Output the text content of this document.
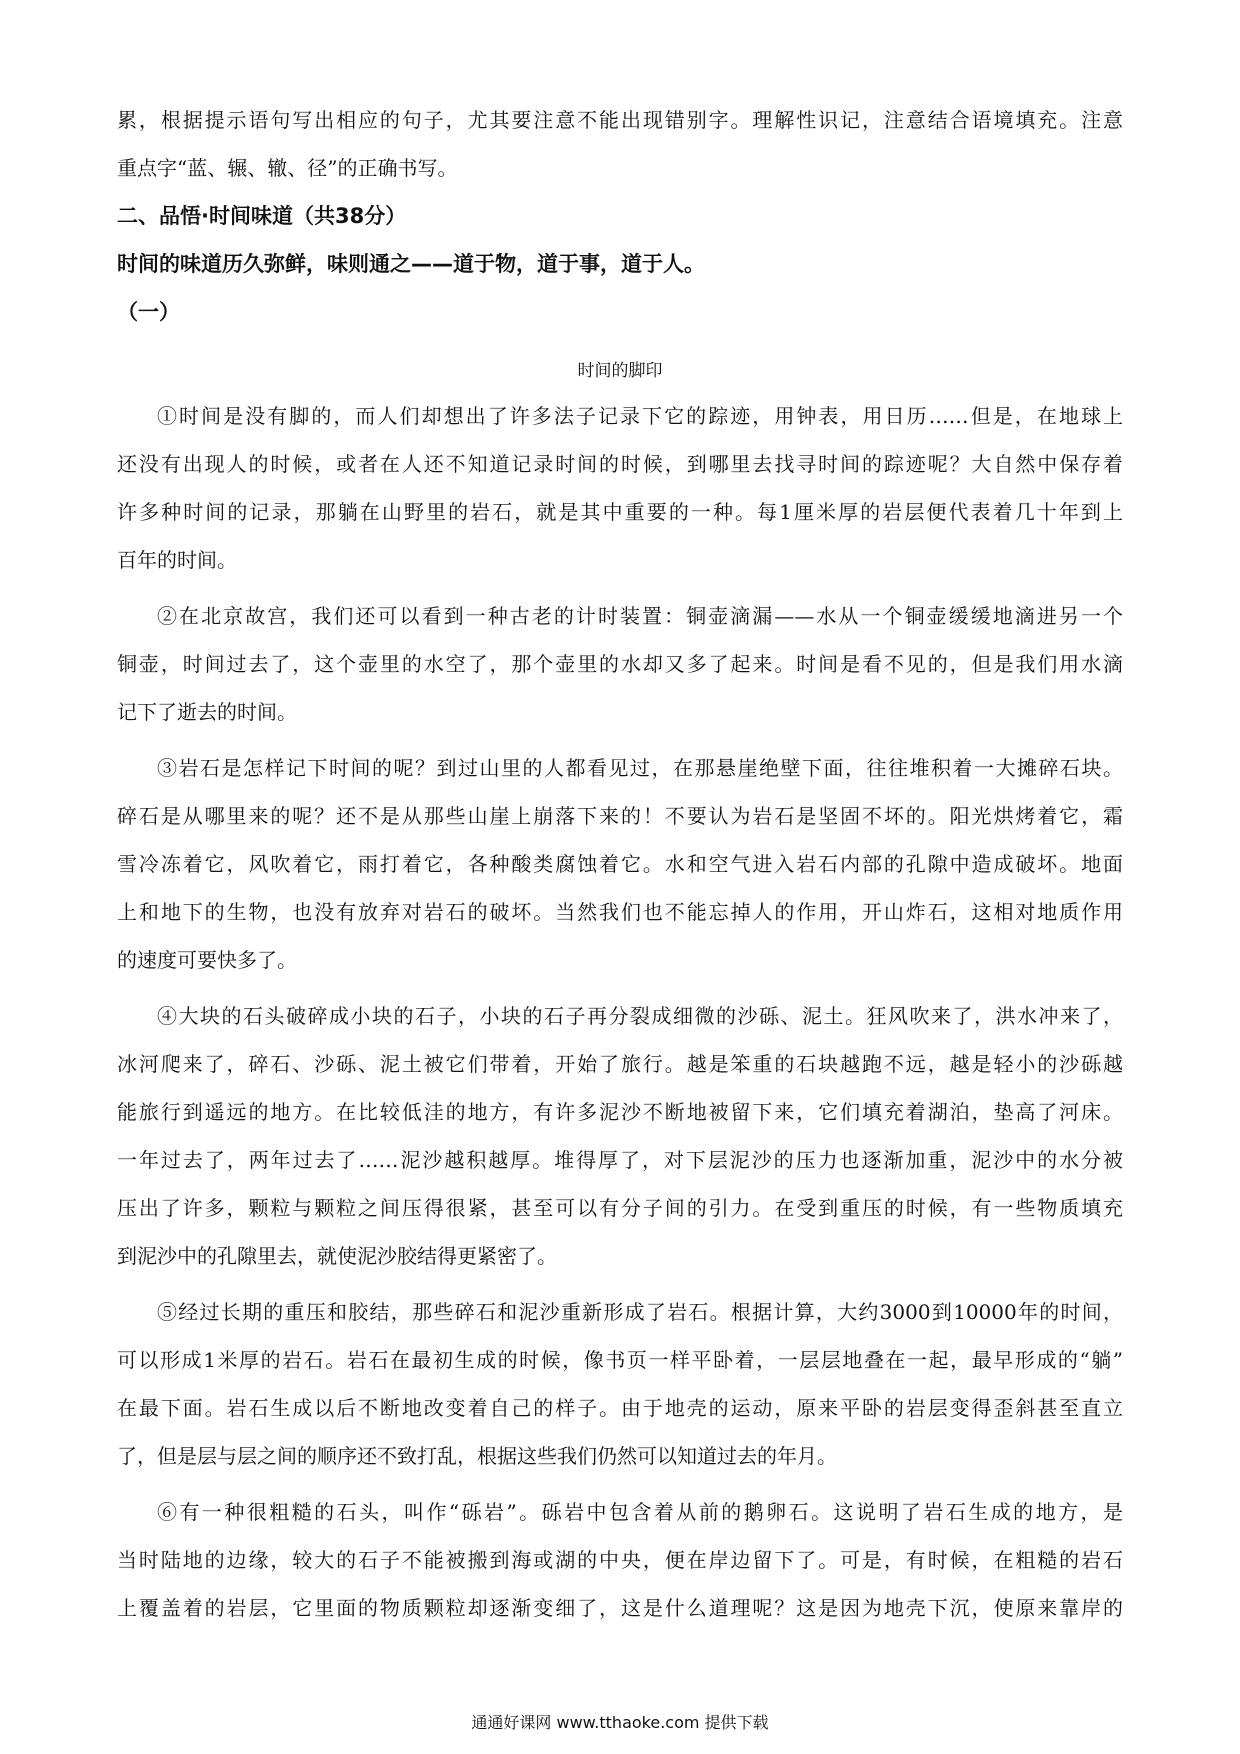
累，根据提示语句写出相应的句子，尤其要注意不能出现错别字。理解性识记，注意结合语境填充。注意
重点字“蓝、辗、辙、径”的正确书写。
二、品悟·时间味道（共38分）
时间的味道历久弥鲜，味则通之——道于物，道于事，道于人。
（一）
时间的脚印
①时间是没有脚的，而人们却想出了许多法子记录下它的踪迹，用钟表，用日历……但是，在地球上
还没有出现人的时候，或者在人还不知道记录时间的时候，到哪里去找寻时间的踪迹呢？大自然中保存着
许多种时间的记录，那躺在山野里的岩石，就是其中重要的一种。每1厘米厚的岩层便代表着几十年到上
百年的时间。
②在北京故宫，我们还可以看到一种古老的计时装置：铜壶滴漏——水从一个铜壶缓缓地滴进另一个
铜壶，时间过去了，这个壶里的水空了，那个壶里的水却又多了起来。时间是看不见的，但是我们用水滴
记下了逝去的时间。
③岩石是怎样记下时间的呢？到过山里的人都看见过，在那悬崖绝壁下面，往往堆积着一大摊碎石块。
碎石是从哪里来的呢？还不是从那些山崖上崩落下来的！不要认为岩石是坚固不坏的。阳光烘烤着它，霜
雪冷冻着它，风吹着它，雨打着它，各种酸类腐蚀着它。水和空气进入岩石内部的孔隙中造成破坏。地面
上和地下的生物，也没有放弃对岩石的破坏。当然我们也不能忘掉人的作用，开山炸石，这相对地质作用
的速度可要快多了。
④大块的石头破碎成小块的石子，小块的石子再分裂成细微的沙砾、泥土。狂风吹来了，洪水冲来了，
冰河爬来了，碎石、沙砾、泥土被它们带着，开始了旅行。越是笨重的石块越跑不远，越是轻小的沙砾越
能旅行到遥远的地方。在比较低洼的地方，有许多泥沙不断地被留下来，它们填充着湖泊，垫高了河床。
一年过去了，两年过去了……泥沙越积越厚。堆得厚了，对下层泥沙的压力也逐渐加重，泥沙中的水分被
压出了许多，颗粒与颗粒之间压得很紧，甚至可以有分子间的引力。在受到重压的时候，有一些物质填充
到泥沙中的孔隙里去，就使泥沙胶结得更紧密了。
⑤经过长期的重压和胶结，那些碎石和泥沙重新形成了岩石。根据计算，大约3000到10000年的时间，
可以形成1米厚的岩石。岩石在最初生成的时候，像书页一样平卧着，一层层地叠在一起，最早形成的“躺”
在最下面。岩石生成以后不断地改变着自己的样子。由于地壳的运动，原来平卧的岩层变得歪斜甚至直立
了，但是层与层之间的顺序还不致打乱，根据这些我们仍然可以知道过去的年月。
⑥有一种很粗糙的石头，叫作“砾岩”。砾岩中包含着从前的鹅卵石。这说明了岩石生成的地方，是
当时陆地的边缘，较大的石子不能被搬到海或湖的中央，便在岸边留下了。可是，有时候，在粗糙的岩石
上覆盖着的岩层，它里面的物质颗粒却逐渐变细了，这是什么道理呢？这是因为地壳下沉，使原来靠岸的
通通好课网 www.tthaoke.com 提供下载
